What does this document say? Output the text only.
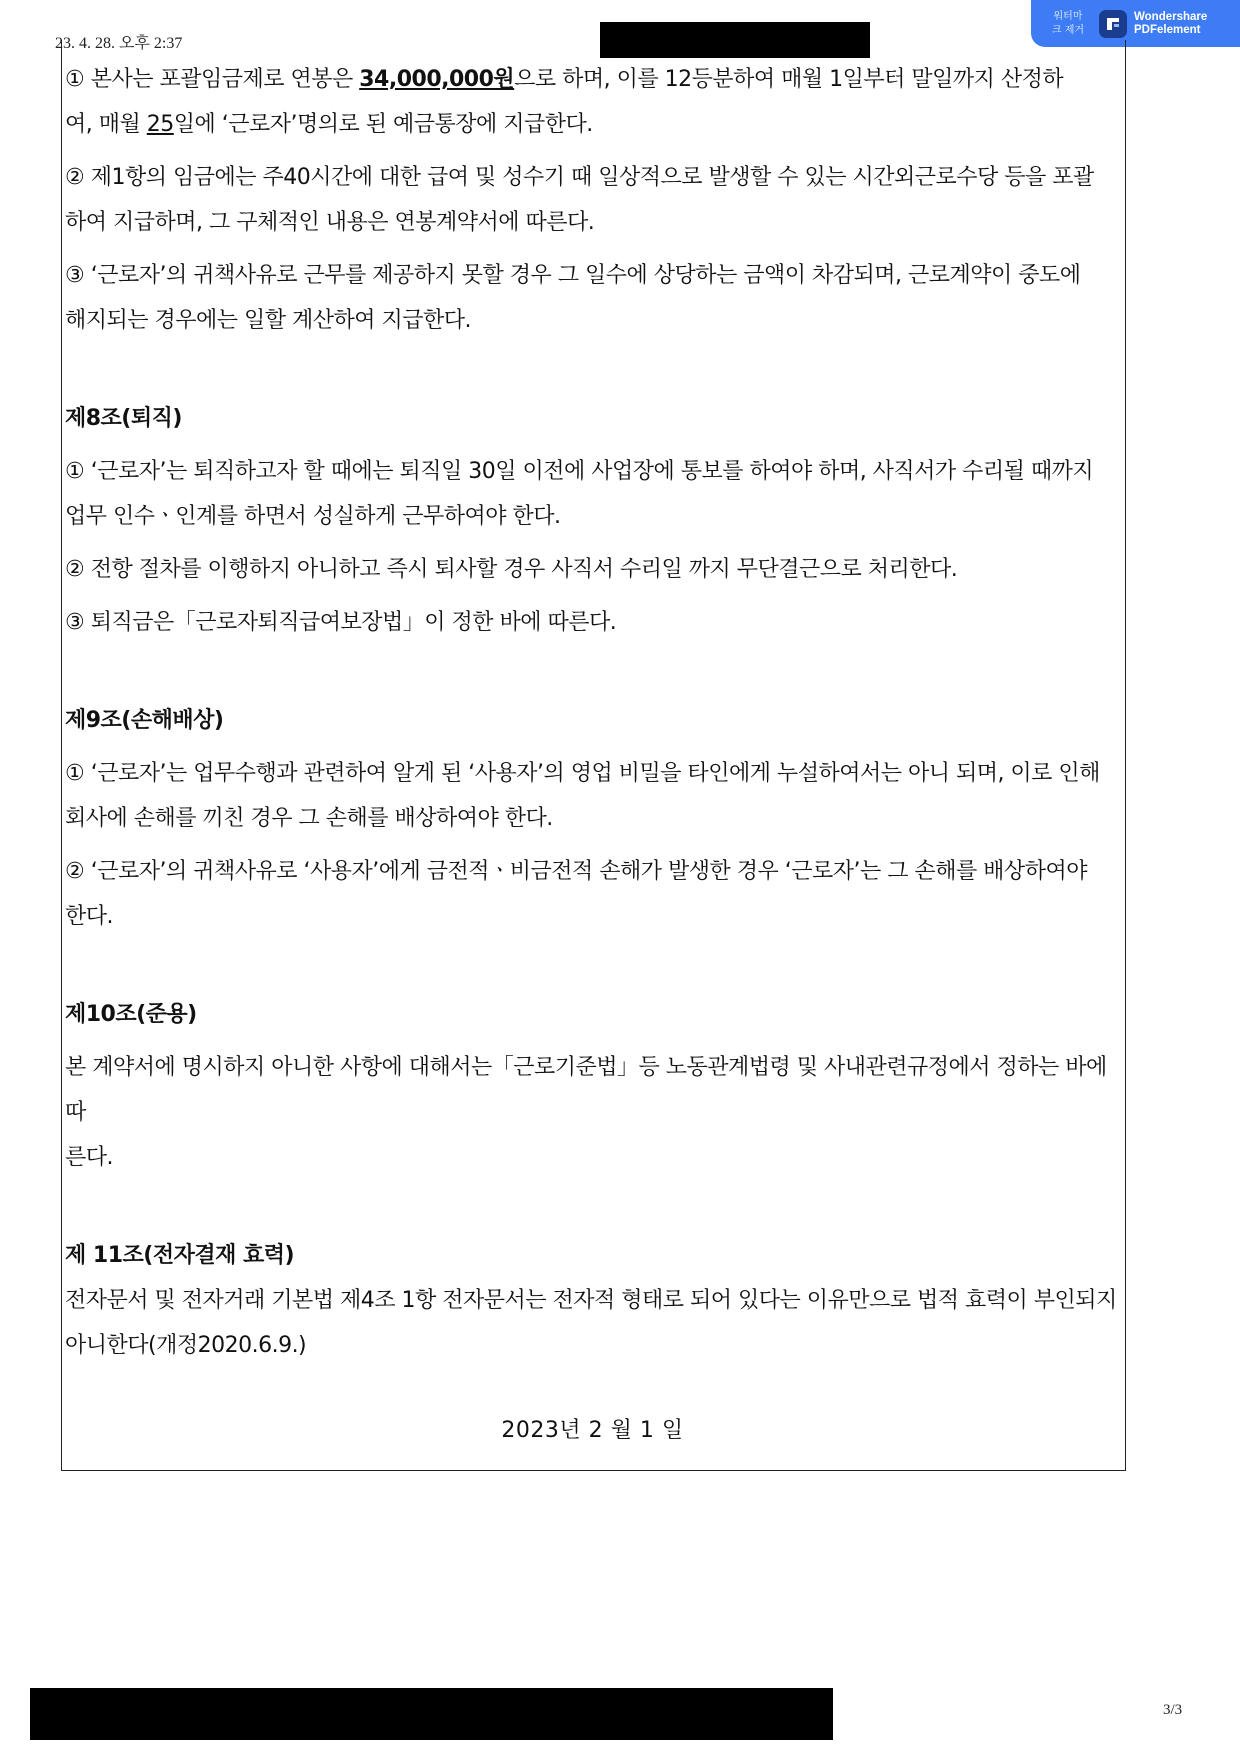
23. 4. 28. 오후 2:37
워터마
크 제거
Wondershare
PDFelement

① 본사는 포괄임금제로 연봉은 34,000,000원으로 하며, 이를 12등분하여 매월 1일부터 말일까지 산정하

여, 매월 25일에 ‘근로자’명의로 된 예금통장에 지급한다.

② 제1항의 임금에는 주40시간에 대한 급여 및 성수기 때 일상적으로 발생할 수 있는 시간외근로수당 등을 포괄

하여 지급하며, 그 구체적인 내용은 연봉계약서에 따른다.

③ ‘근로자’의 귀책사유로 근무를 제공하지 못할 경우 그 일수에 상당하는 금액이 차감되며, 근로계약이 중도에

해지되는 경우에는 일할 계산하여 지급한다.

제8조(퇴직)

① ‘근로자’는 퇴직하고자 할 때에는 퇴직일 30일 이전에 사업장에 통보를 하여야 하며, 사직서가 수리될 때까지

업무 인수ㆍ인계를 하면서 성실하게 근무하여야 한다.

② 전항 절차를 이행하지 아니하고 즉시 퇴사할 경우 사직서 수리일 까지 무단결근으로 처리한다.

③ 퇴직금은「근로자퇴직급여보장법」이 정한 바에 따른다.

제9조(손해배상)

① ‘근로자’는 업무수행과 관련하여 알게 된 ‘사용자’의 영업 비밀을 타인에게 누설하여서는 아니 되며, 이로 인해

회사에 손해를 끼친 경우 그 손해를 배상하여야 한다.

② ‘근로자’의 귀책사유로 ‘사용자’에게 금전적ㆍ비금전적 손해가 발생한 경우 ‘근로자’는 그 손해를 배상하여야

한다.

제10조(준용)

본 계약서에 명시하지 아니한 사항에 대해서는「근로기준법」등 노동관계법령 및 사내관련규정에서 정하는 바에 따

른다.

제 11조(전자결재 효력)

전자문서 및 전자거래 기본법 제4조 1항 전자문서는 전자적 형태로 되어 있다는 이유만으로 법적 효력이 부인되지

아니한다(개정2020.6.9.)

2023년 2 월 1 일
3/3
